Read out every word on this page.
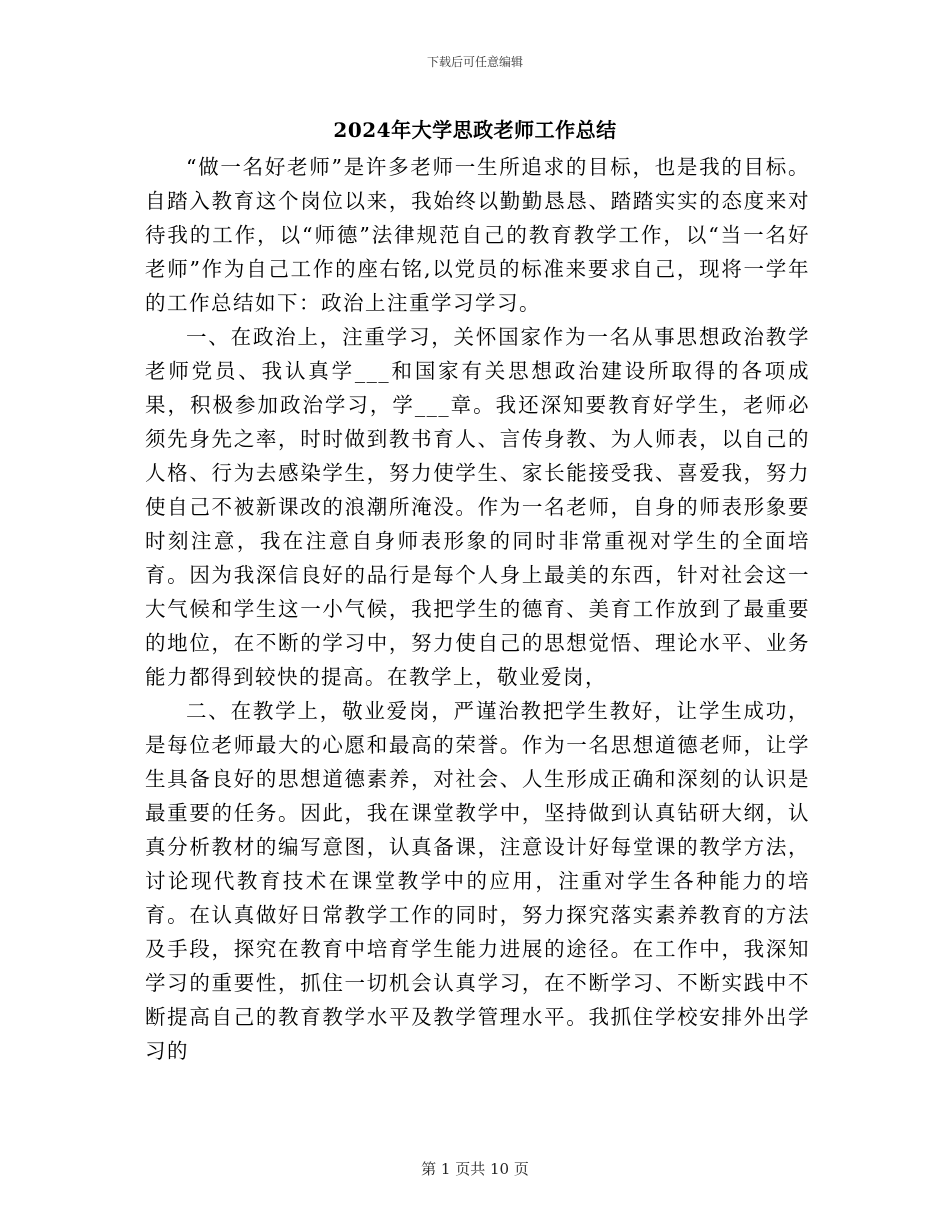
下载后可任意编辑
2024年大学思政老师工作总结

“做一名好老师”是许多老师一生所追求的目标，也是我的目标。自踏入教育这个岗位以来，我始终以勤勤恳恳、踏踏实实的态度来对待我的工作，以“师德”法律规范自己的教育教学工作，以“当一名好老师”作为自己工作的座右铭,以党员的标准来要求自己，现将一学年的工作总结如下：政治上注重学习学习。

一、在政治上，注重学习，关怀国家作为一名从事思想政治教学老师党员、我认真学___和国家有关思想政治建设所取得的各项成果，积极参加政治学习，学___章。我还深知要教育好学生，老师必须先身先之率，时时做到教书育人、言传身教、为人师表，以自己的人格、行为去感染学生，努力使学生、家长能接受我、喜爱我，努力使自己不被新课改的浪潮所淹没。作为一名老师，自身的师表形象要时刻注意，我在注意自身师表形象的同时非常重视对学生的全面培育。因为我深信良好的品行是每个人身上最美的东西，针对社会这一大气候和学生这一小气候，我把学生的德育、美育工作放到了最重要的地位，在不断的学习中，努力使自己的思想觉悟、理论水平、业务能力都得到较快的提高。在教学上，敬业爱岗，

二、在教学上，敬业爱岗，严谨治教把学生教好，让学生成功，是每位老师最大的心愿和最高的荣誉。作为一名思想道德老师，让学生具备良好的思想道德素养，对社会、人生形成正确和深刻的认识是最重要的任务。因此，我在课堂教学中，坚持做到认真钻研大纲，认真分析教材的编写意图，认真备课，注意设计好每堂课的教学方法，讨论现代教育技术在课堂教学中的应用，注重对学生各种能力的培育。在认真做好日常教学工作的同时，努力探究落实素养教育的方法及手段，探究在教育中培育学生能力进展的途径。在工作中，我深知学习的重要性，抓住一切机会认真学习，在不断学习、不断实践中不断提高自己的教育教学水平及教学管理水平。我抓住学校安排外出学习的

第 1 页共 10 页
